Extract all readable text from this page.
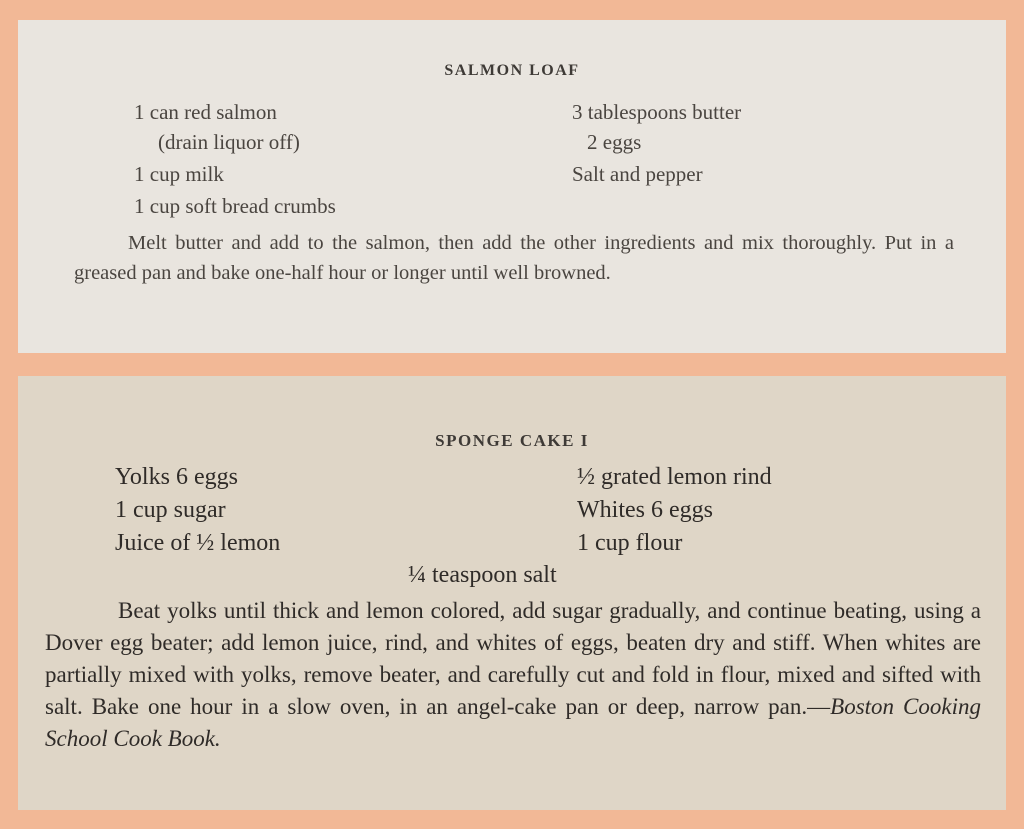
SALMON LOAF
1 can red salmon
(drain liquor off)
1 cup milk
1 cup soft bread crumbs
3 tablespoons butter
2 eggs
Salt and pepper

Melt butter and add to the salmon, then add the other ingredients and mix thoroughly. Put in a greased pan and bake one-half hour or longer until well browned.

SPONGE CAKE I
Yolks 6 eggs
1 cup sugar
Juice of ½ lemon
½ grated lemon rind
Whites 6 eggs
1 cup flour
¼ teaspoon salt

Beat yolks until thick and lemon colored, add sugar gradually, and continue beating, using a Dover egg beater; add lemon juice, rind, and whites of eggs, beaten dry and stiff. When whites are partially mixed with yolks, remove beater, and carefully cut and fold in flour, mixed and sifted with salt. Bake one hour in a slow oven, in an angel-cake pan or deep, narrow pan.—Boston Cooking School Cook Book.
